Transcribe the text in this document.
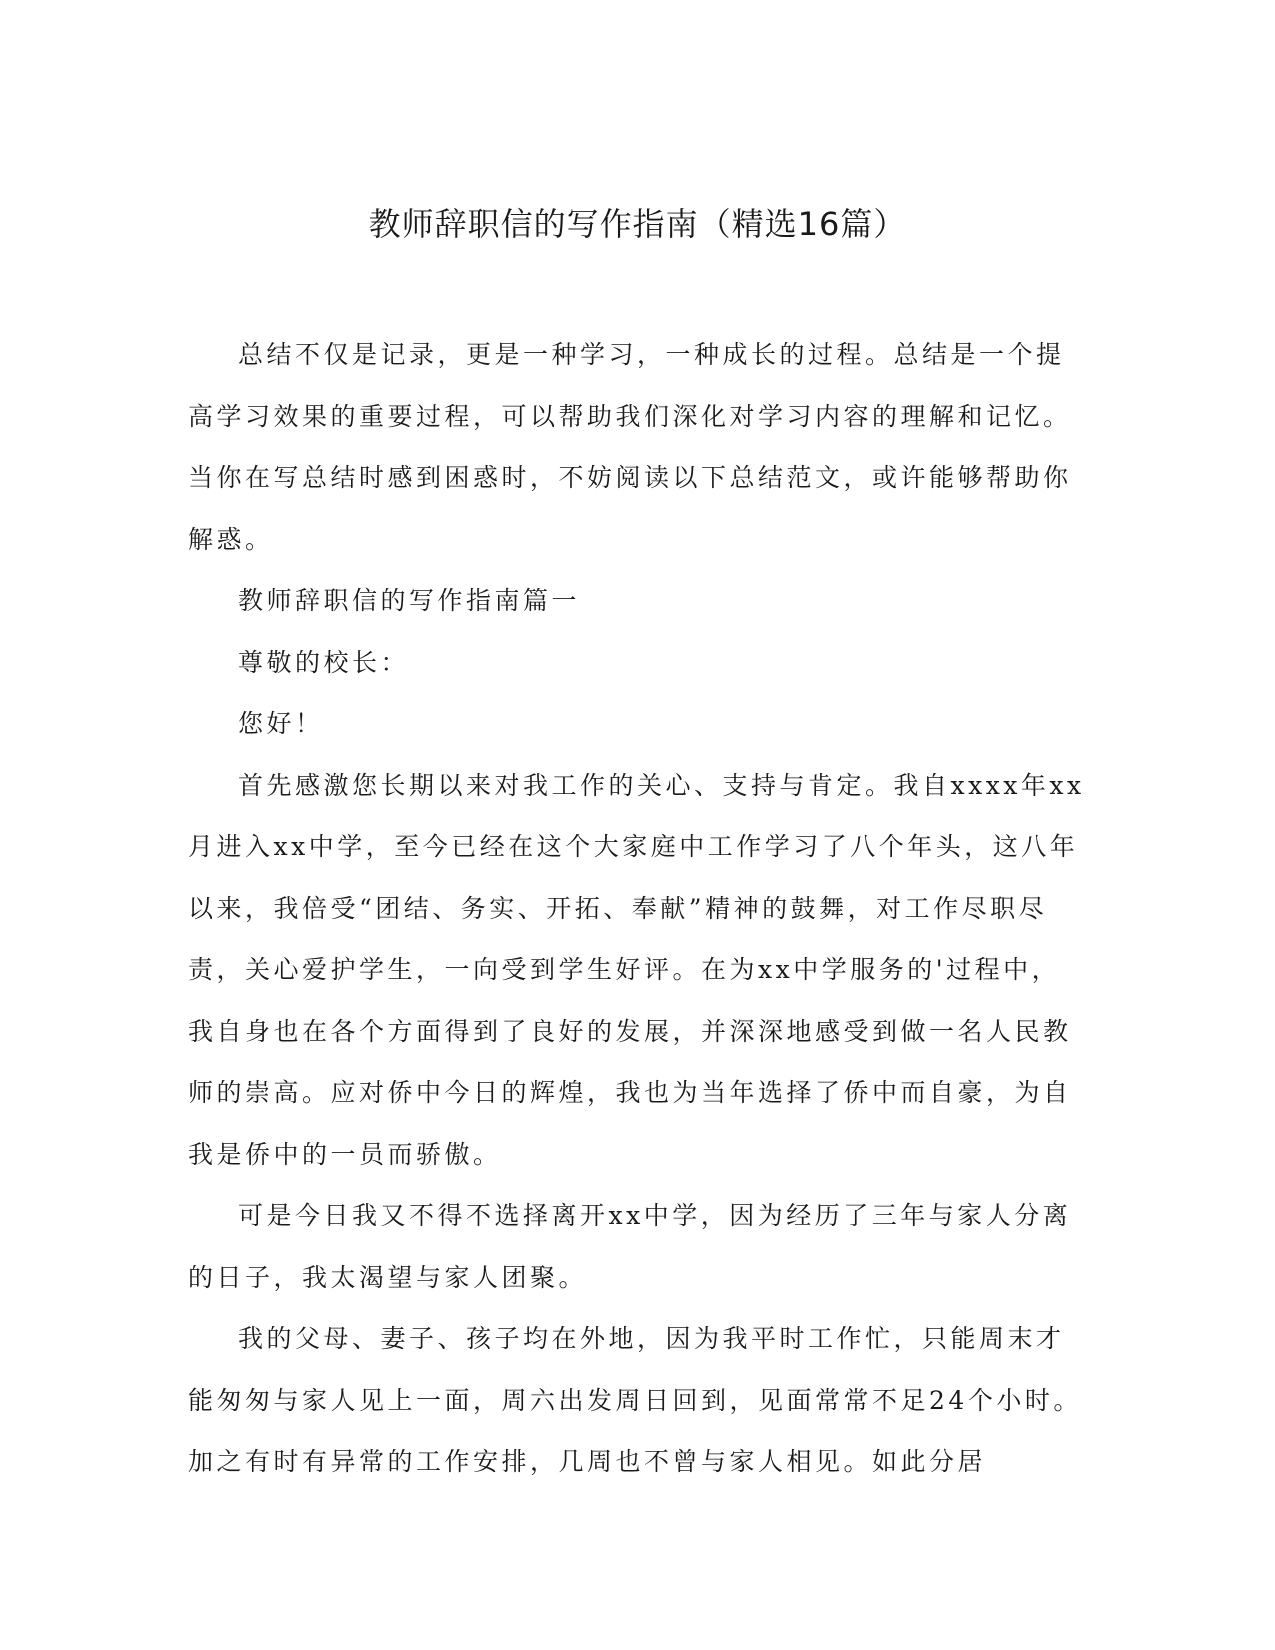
教师辞职信的写作指南（精选16篇）

总结不仅是记录，更是一种学习，一种成长的过程。总结是一个提高学习效果的重要过程，可以帮助我们深化对学习内容的理解和记忆。当你在写总结时感到困惑时，不妨阅读以下总结范文，或许能够帮助你解惑。

教师辞职信的写作指南篇一

尊敬的校长：

您好！

首先感激您长期以来对我工作的关心、支持与肯定。我自xxxx年xx月进入xx中学，至今已经在这个大家庭中工作学习了八个年头，这八年以来，我倍受“团结、务实、开拓、奉献”精神的鼓舞，对工作尽职尽责，关心爱护学生，一向受到学生好评。在为xx中学服务的'过程中，我自身也在各个方面得到了良好的发展，并深深地感受到做一名人民教师的崇高。应对侨中今日的辉煌，我也为当年选择了侨中而自豪，为自我是侨中的一员而骄傲。

可是今日我又不得不选择离开xx中学，因为经历了三年与家人分离的日子，我太渴望与家人团聚。

我的父母、妻子、孩子均在外地，因为我平时工作忙，只能周末才能匆匆与家人见上一面，周六出发周日回到，见面常常不足24个小时。加之有时有异常的工作安排，几周也不曾与家人相见。如此分居
